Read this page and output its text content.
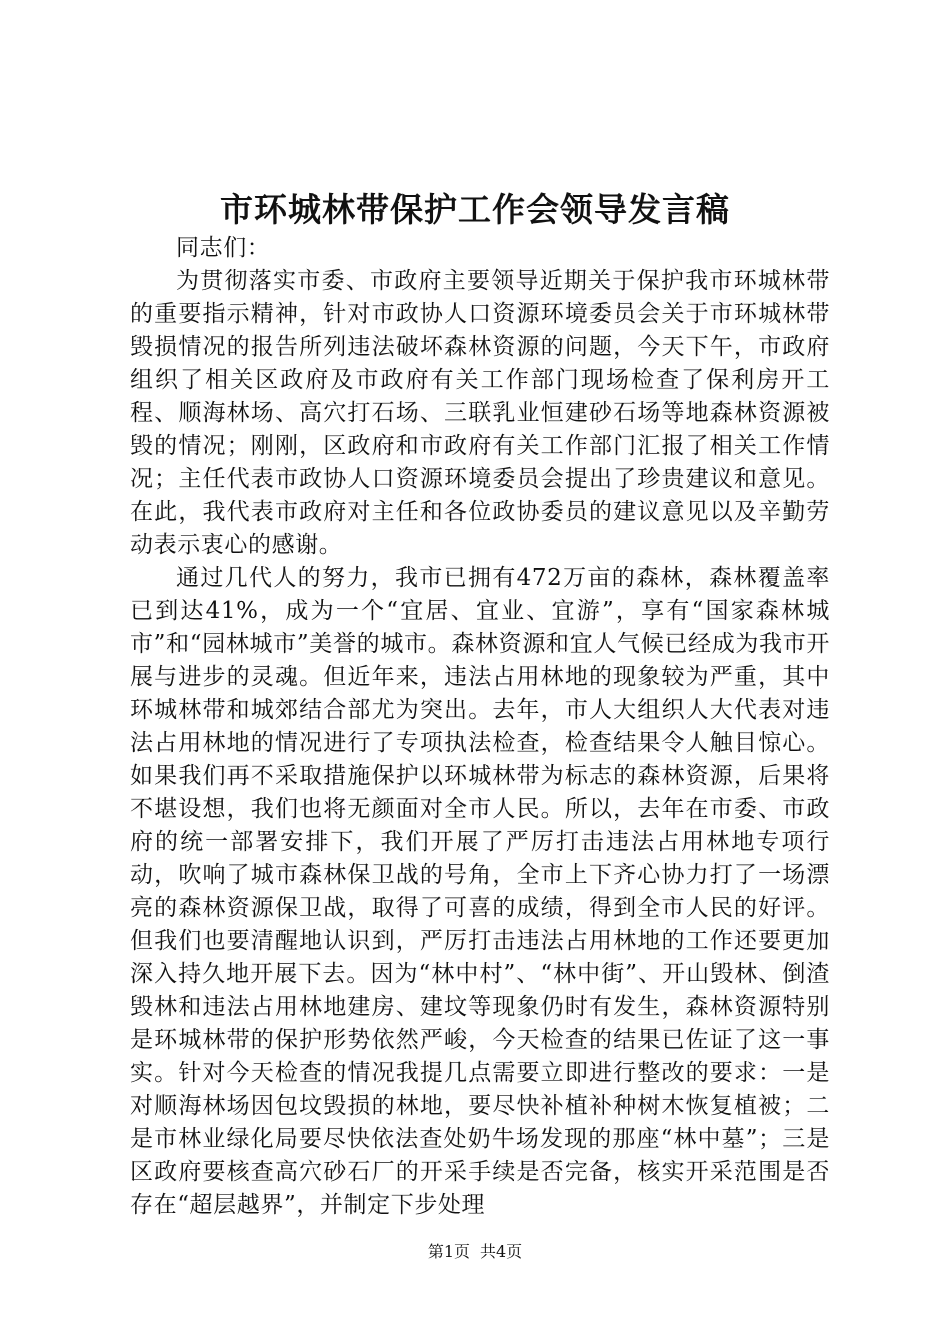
市环城林带保护工作会领导发言稿

同志们：

为贯彻落实市委、市政府主要领导近期关于保护我市环城林带的重要指示精神，针对市政协人口资源环境委员会关于市环城林带毁损情况的报告所列违法破坏森林资源的问题，今天下午，市政府组织了相关区政府及市政府有关工作部门现场检查了保利房开工程、顺海林场、高穴打石场、三联乳业恒建砂石场等地森林资源被毁的情况；刚刚，区政府和市政府有关工作部门汇报了相关工作情况；主任代表市政协人口资源环境委员会提出了珍贵建议和意见。在此，我代表市政府对主任和各位政协委员的建议意见以及辛勤劳动表示衷心的感谢。

通过几代人的努力，我市已拥有472万亩的森林，森林覆盖率已到达41%，成为一个“宜居、宜业、宜游”，享有“国家森林城市”和“园林城市”美誉的城市。森林资源和宜人气候已经成为我市开展与进步的灵魂。但近年来，违法占用林地的现象较为严重，其中环城林带和城郊结合部尤为突出。去年，市人大组织人大代表对违法占用林地的情况进行了专项执法检查，检查结果令人触目惊心。如果我们再不采取措施保护以环城林带为标志的森林资源，后果将不堪设想，我们也将无颜面对全市人民。所以，去年在市委、市政府的统一部署安排下，我们开展了严厉打击违法占用林地专项行动，吹响了城市森林保卫战的号角，全市上下齐心协力打了一场漂亮的森林资源保卫战，取得了可喜的成绩，得到全市人民的好评。但我们也要清醒地认识到，严厉打击违法占用林地的工作还要更加深入持久地开展下去。因为“林中村”、“林中街”、开山毁林、倒渣毁林和违法占用林地建房、建坟等现象仍时有发生，森林资源特别是环城林带的保护形势依然严峻，今天检查的结果已佐证了这一事实。针对今天检查的情况我提几点需要立即进行整改的要求：一是对顺海林场因包坟毁损的林地，要尽快补植补种树木恢复植被；二是市林业绿化局要尽快依法查处奶牛场发现的那座“林中墓”；三是区政府要核查高穴砂石厂的开采手续是否完备，核实开采范围是否存在“超层越界”，并制定下步处理

第1页 共4页
